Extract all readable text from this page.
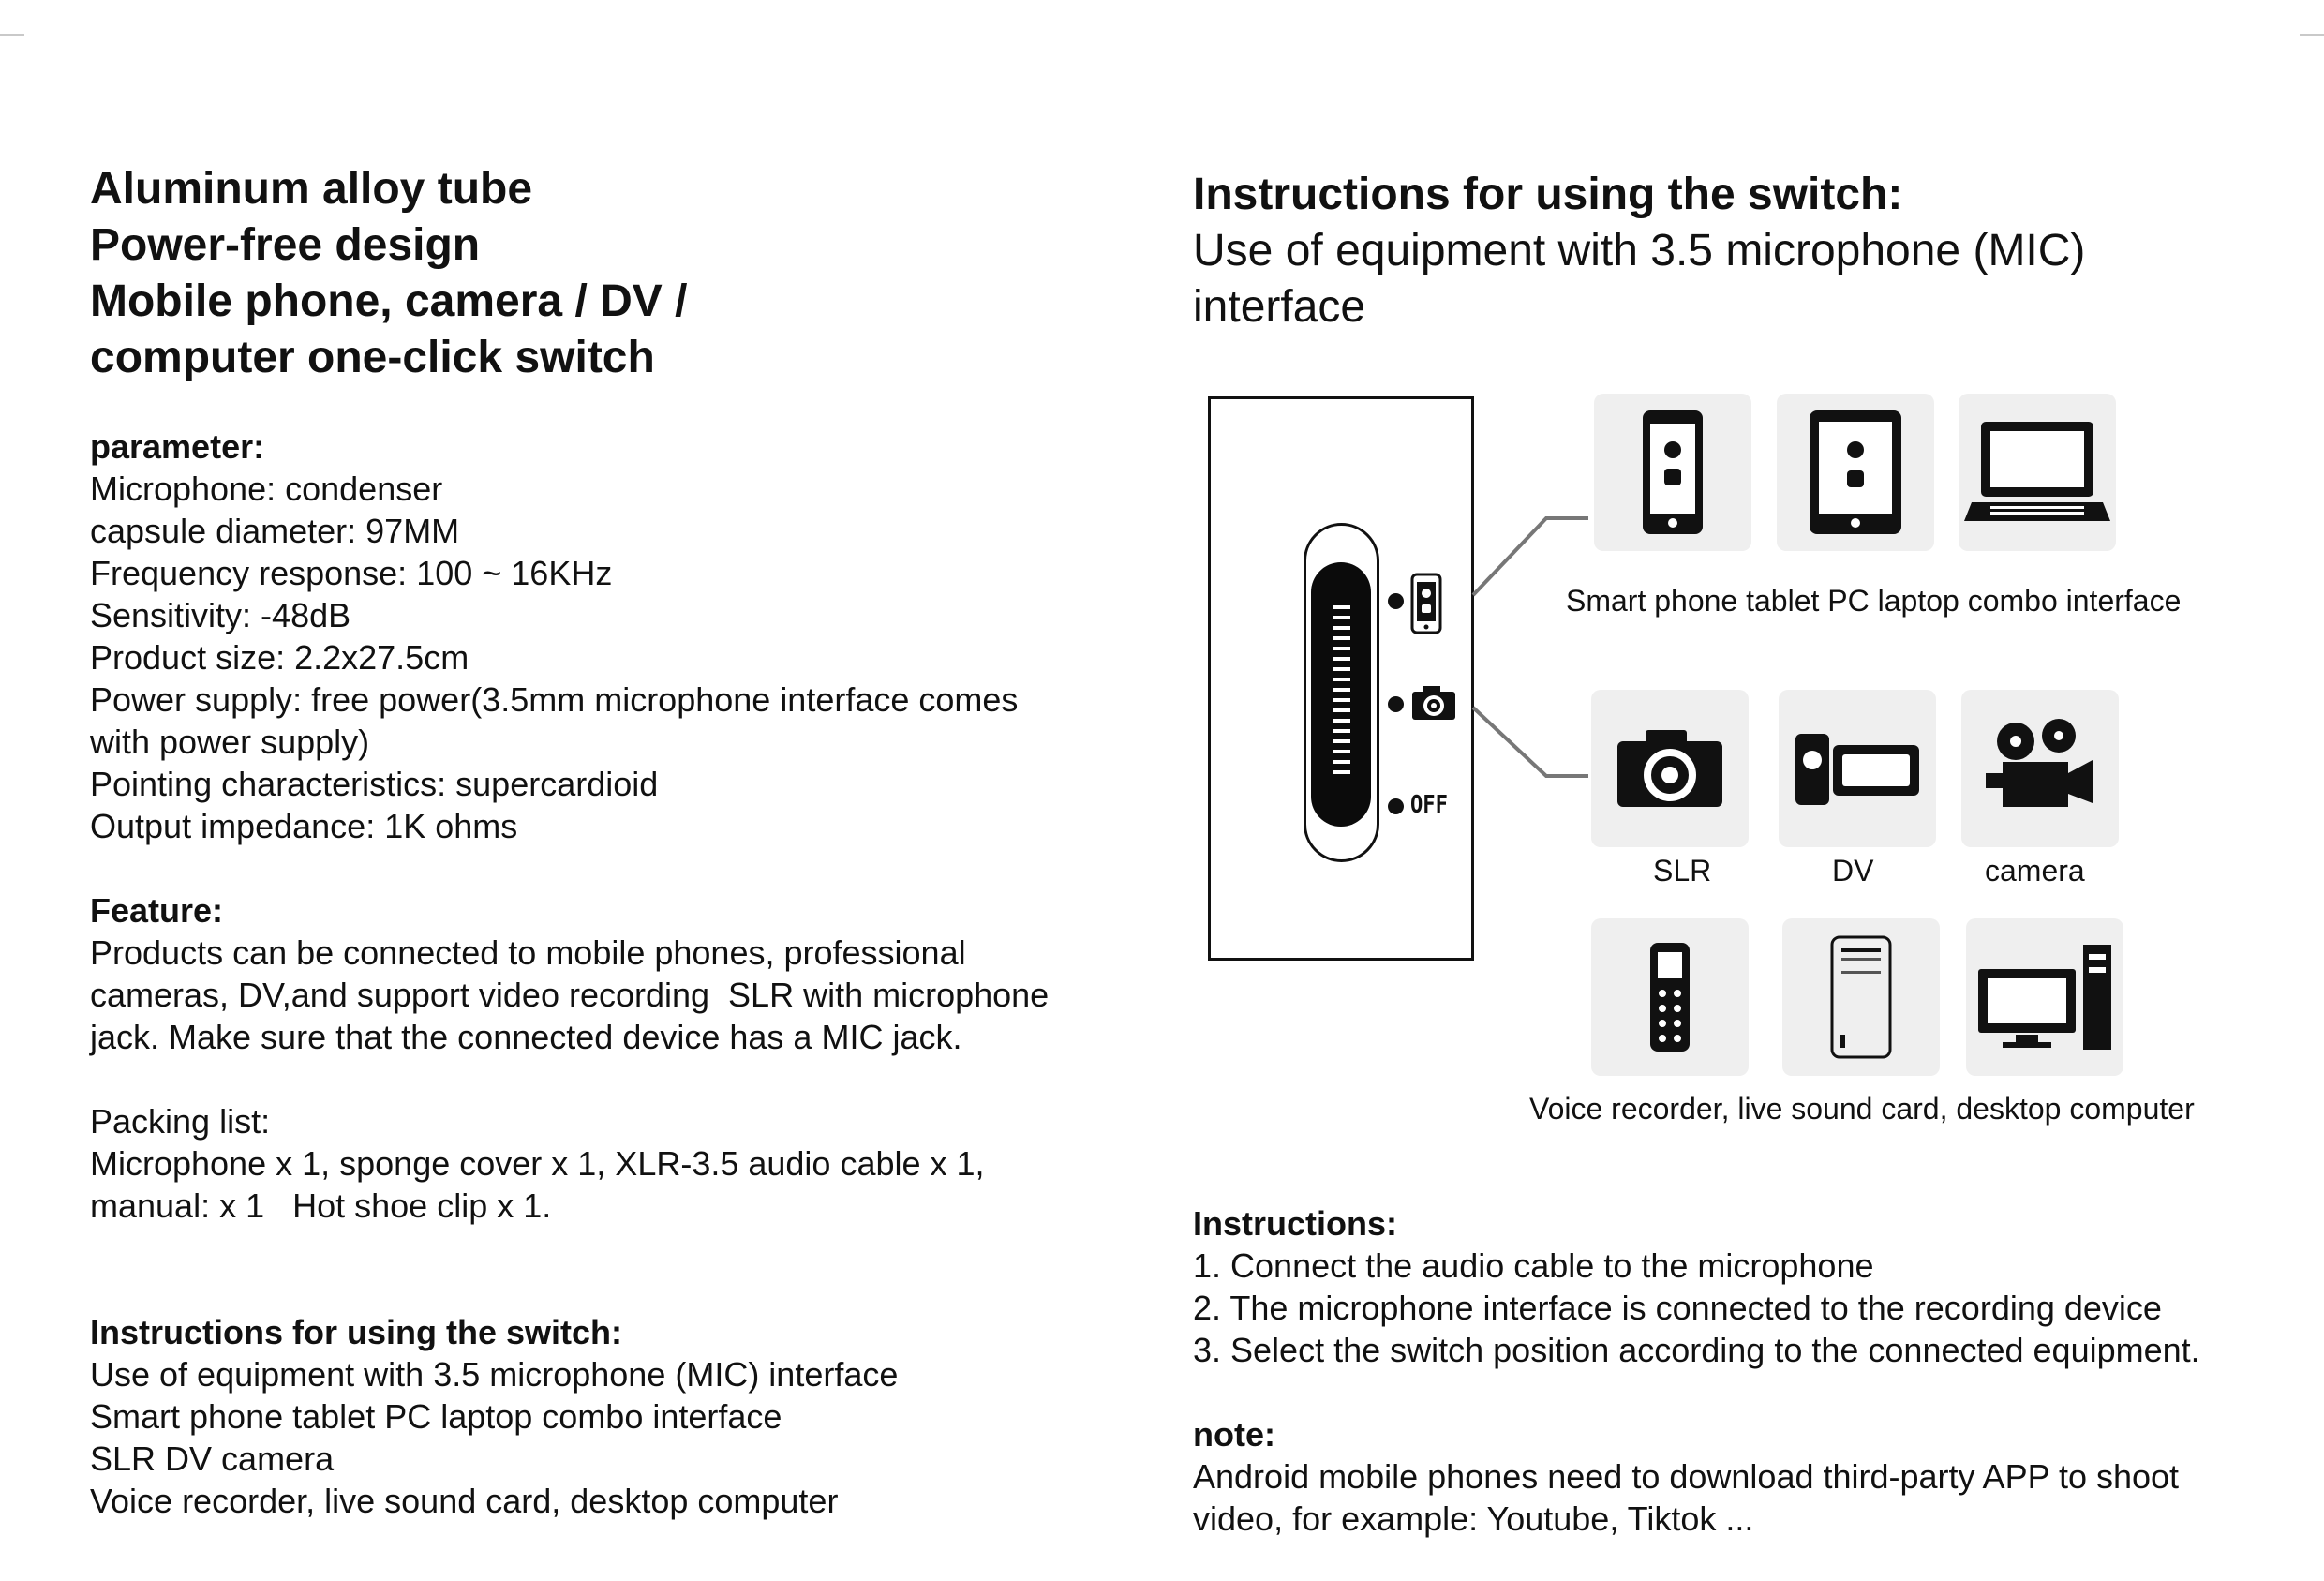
Aluminum alloy tube
Power-free design
Mobile phone, camera / DV /
computer one-click switch
parameter:
Microphone: condenser
capsule diameter: 97MM
Frequency response: 100 ~ 16KHz
Sensitivity: -48dB
Product size: 2.2x27.5cm
Power supply: free power(3.5mm microphone interface comes
with power supply)
Pointing characteristics: supercardioid
Output impedance: 1K ohms
Feature:
Products can be connected to mobile phones, professional
cameras, DV,and support video recording  SLR with microphone
jack. Make sure that the connected device has a MIC jack.
Packing list:
Microphone x 1, sponge cover x 1, XLR-3.5 audio cable x 1,
manual: x 1   Hot shoe clip x 1.
Instructions for using the switch:
Use of equipment with 3.5 microphone (MIC) interface
Smart phone tablet PC laptop combo interface
SLR DV camera
Voice recorder, live sound card, desktop computer
Instructions for using the switch:
Use of equipment with 3.5 microphone (MIC)
interface
OFF
Smart phone tablet PC laptop combo interface
SLR	DV	camera
Voice recorder, live sound card, desktop computer
Instructions:
1. Connect the audio cable to the microphone
2. The microphone interface is connected to the recording device
3. Select the switch position according to the connected equipment.
note:
Android mobile phones need to download third-party APP to shoot
video, for example: Youtube, Tiktok ...
